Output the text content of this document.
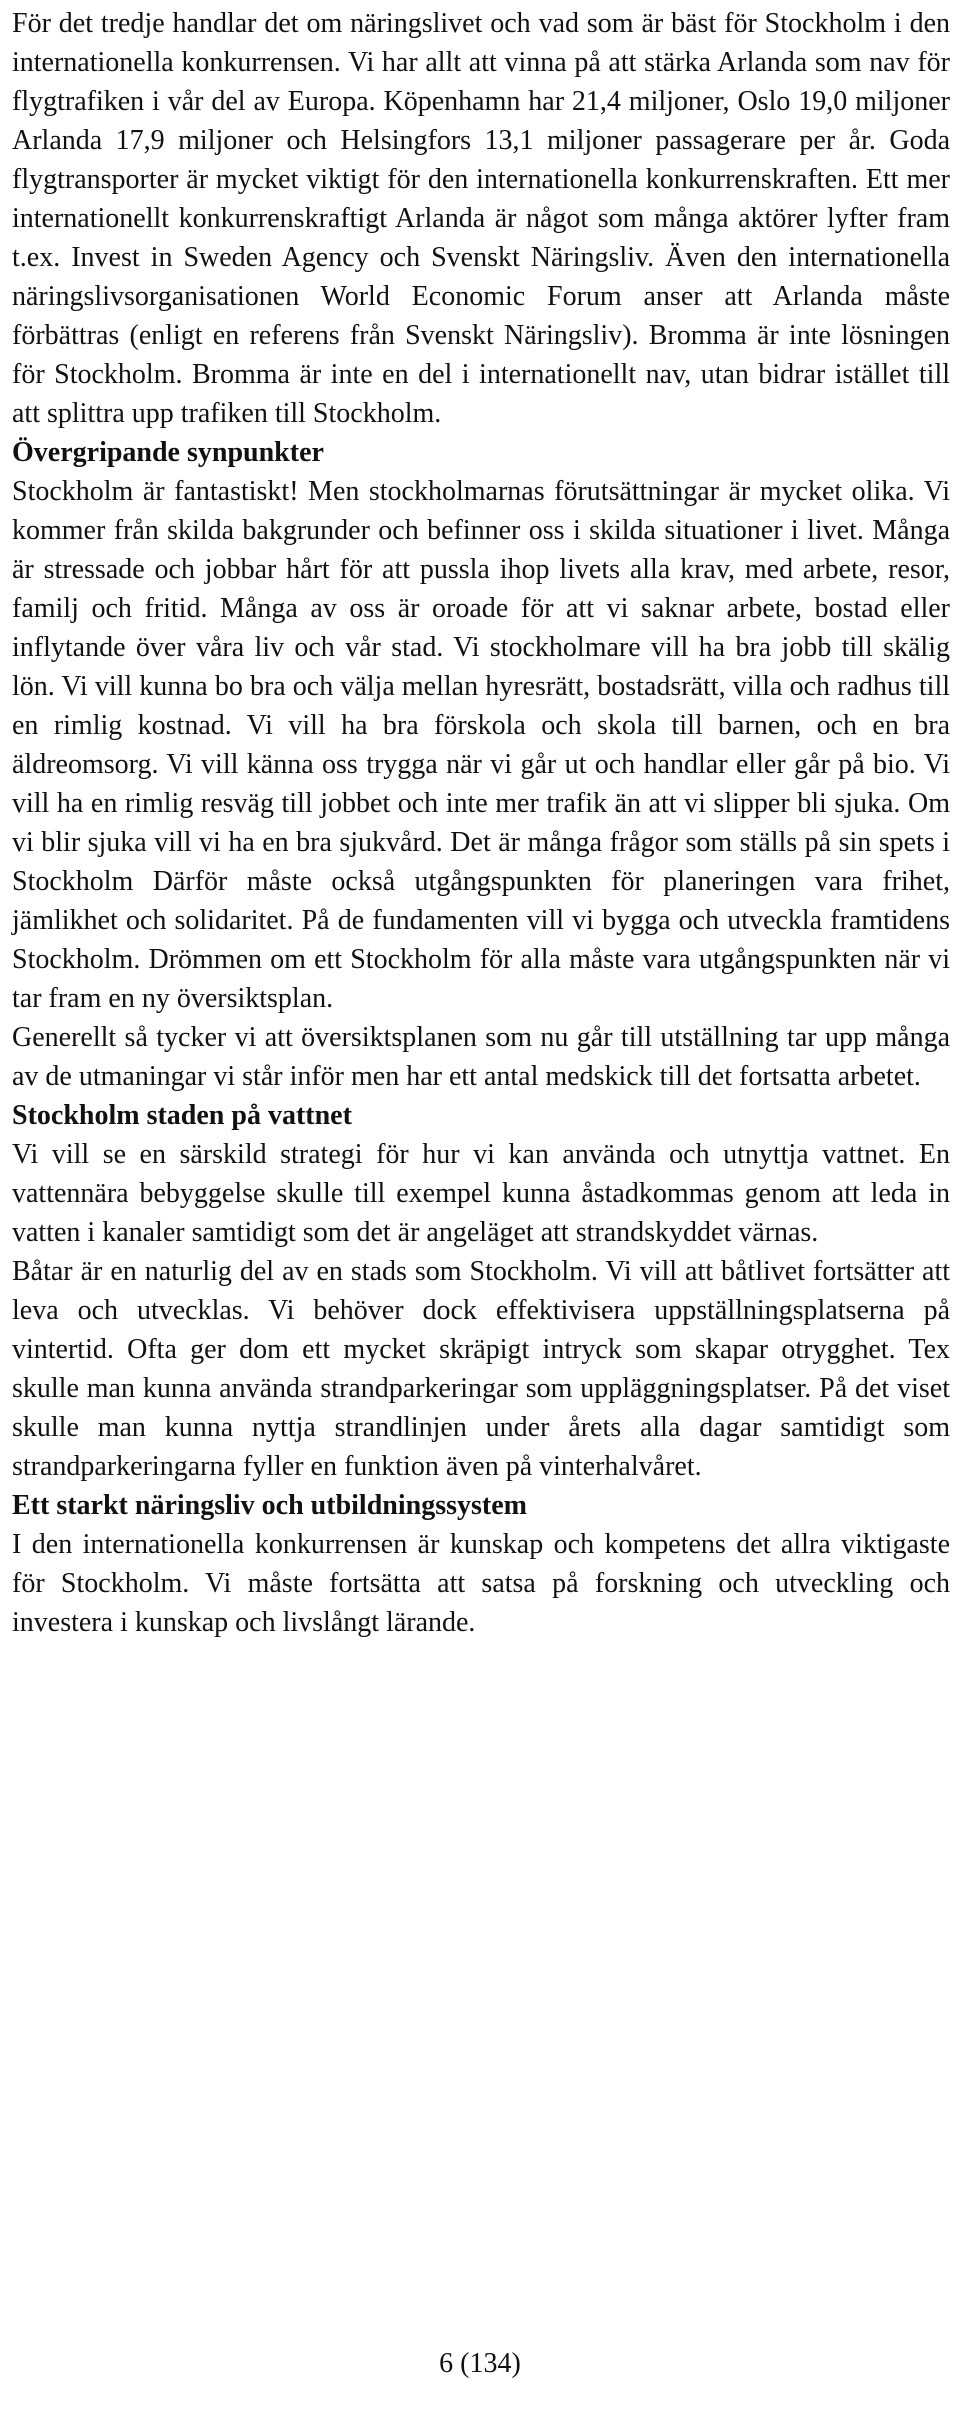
För det tredje handlar det om näringslivet och vad som är bäst för Stockholm i den internationella konkurrensen. Vi har allt att vinna på att stärka Arlanda som nav för flygtrafiken i vår del av Europa. Köpenhamn har 21,4 miljoner, Oslo 19,0 miljoner Arlanda 17,9 miljoner och Helsingfors 13,1 miljoner passagerare per år. Goda flygtransporter är mycket viktigt för den internationella konkurrenskraften. Ett mer internationellt konkurrenskraftigt Arlanda är något som många aktörer lyfter fram t.ex. Invest in Sweden Agency och Svenskt Näringsliv. Även den internationella näringslivsorganisationen World Economic Forum anser att Arlanda måste förbättras (enligt en referens från Svenskt Näringsliv). Bromma är inte lösningen för Stockholm. Bromma är inte en del i internationellt nav, utan bidrar istället till att splittra upp trafiken till Stockholm.

Övergripande synpunkter

Stockholm är fantastiskt! Men stockholmarnas förutsättningar är mycket olika. Vi kommer från skilda bakgrunder och befinner oss i skilda situationer i livet. Många är stressade och jobbar hårt för att pussla ihop livets alla krav, med arbete, resor, familj och fritid. Många av oss är oroade för att vi saknar arbete, bostad eller inflytande över våra liv och vår stad. Vi stockholmare vill ha bra jobb till skälig lön. Vi vill kunna bo bra och välja mellan hyresrätt, bostadsrätt, villa och radhus till en rimlig kostnad. Vi vill ha bra förskola och skola till barnen, och en bra äldreomsorg. Vi vill känna oss trygga när vi går ut och handlar eller går på bio. Vi vill ha en rimlig resväg till jobbet och inte mer trafik än att vi slipper bli sjuka. Om vi blir sjuka vill vi ha en bra sjukvård. Det är många frågor som ställs på sin spets i Stockholm Därför måste också utgångspunkten för planeringen vara frihet, jämlikhet och solidaritet. På de fundamenten vill vi bygga och utveckla framtidens Stockholm. Drömmen om ett Stockholm för alla måste vara utgångspunkten när vi tar fram en ny översiktsplan.

Generellt så tycker vi att översiktsplanen som nu går till utställning tar upp många av de utmaningar vi står inför men har ett antal medskick till det fortsatta arbetet.

Stockholm staden på vattnet

Vi vill se en särskild strategi för hur vi kan använda och utnyttja vattnet. En vattennära bebyggelse skulle till exempel kunna åstadkommas genom att leda in vatten i kanaler samtidigt som det är angeläget att strandskyddet värnas.

Båtar är en naturlig del av en stads som Stockholm. Vi vill att båtlivet fortsätter att leva och utvecklas. Vi behöver dock effektivisera uppställningsplatserna på vintertid. Ofta ger dom ett mycket skräpigt intryck som skapar otrygghet. Tex skulle man kunna använda strandparkeringar som uppläggningsplatser. På det viset skulle man kunna nyttja strandlinjen under årets alla dagar samtidigt som strandparkeringarna fyller en funktion även på vinterhalvåret.

Ett starkt näringsliv och utbildningssystem

I den internationella konkurrensen är kunskap och kompetens det allra viktigaste för Stockholm. Vi måste fortsätta att satsa på forskning och utveckling och investera i kunskap och livslångt lärande.

6 (134)
